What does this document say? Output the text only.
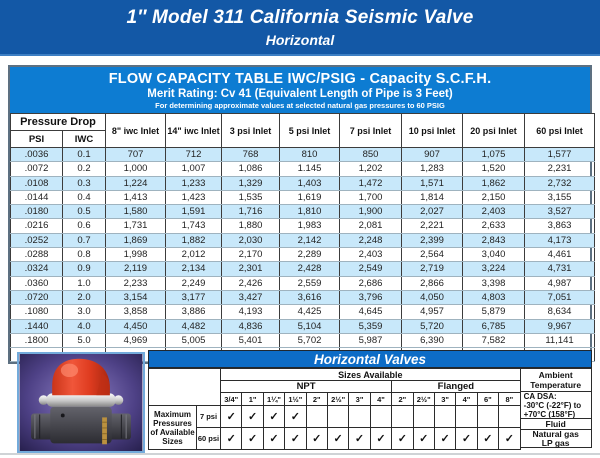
1″ Model 311 California Seismic Valve
Horizontal
FLOW CAPACITY TABLE IWC/PSIG - Capacity S.C.F.H.
Merit Rating: Cv 41 (Equivalent Length of Pipe is 3 Feet)
For determining approximate values at selected natural gas pressures to 60 PSIG
Pressure Drop		8" iwc Inlet	14" iwc Inlet	3 psi Inlet	5 psi Inlet	7 psi Inlet	10 psi Inlet	20 psi Inlet	60 psi Inlet
PSI	IWC								
.0036	0.1	707	712	768	810	850	907	1,075	1,577
.0072	0.2	1,000	1,007	1,086	1.145	1,202	1,283	1,520	2,231
.0108	0.3	1,224	1,233	1,329	1,403	1,472	1,571	1,862	2,732
.0144	0.4	1,413	1,423	1,535	1,619	1,700	1,814	2,150	3,155
.0180	0.5	1,580	1,591	1,716	1,810	1,900	2,027	2,403	3,527
.0216	0.6	1,731	1,743	1,880	1,983	2,081	2,221	2,633	3,863
.0252	0.7	1,869	1,882	2,030	2,142	2,248	2,399	2,843	4,173
.0288	0.8	1,998	2,012	2,170	2,289	2,403	2,564	3,040	4,461
.0324	0.9	2,119	2,134	2,301	2,428	2,549	2,719	3,224	4,731
.0360	1.0	2,233	2,249	2,426	2,559	2,686	2,866	3,398	4,987
.0720	2.0	3,154	3,177	3,427	3,616	3,796	4,050	4,803	7,051
.1080	3.0	3,858	3,886	4,193	4,425	4,645	4,957	5,879	8,634
.1440	4.0	4,450	4,482	4,836	5,104	5,359	5,720	6,785	9,967
.1800	5.0	4,969	5,005	5,401	5,702	5,987	6,390	7,582	11,141

Horizontal Valves
		Sizes Available													
		NPT								Flanged					
		3/4"	1"	1¼"	1½"	2"	2½"	3"	4"	2"	2½"	3"	4"	6"	8"
Maximum Pressures of Available Sizes	7 psi	✓	✓	✓	✓										
	60 psi	✓	✓	✓	✓	✓	✓	✓	✓	✓	✓	✓	✓	✓	✓
Ambient
Temperature
CA DSA:
-30°C (-22°F) to
+70°C (158°F)
Fluid
Natural gas
LP gas
